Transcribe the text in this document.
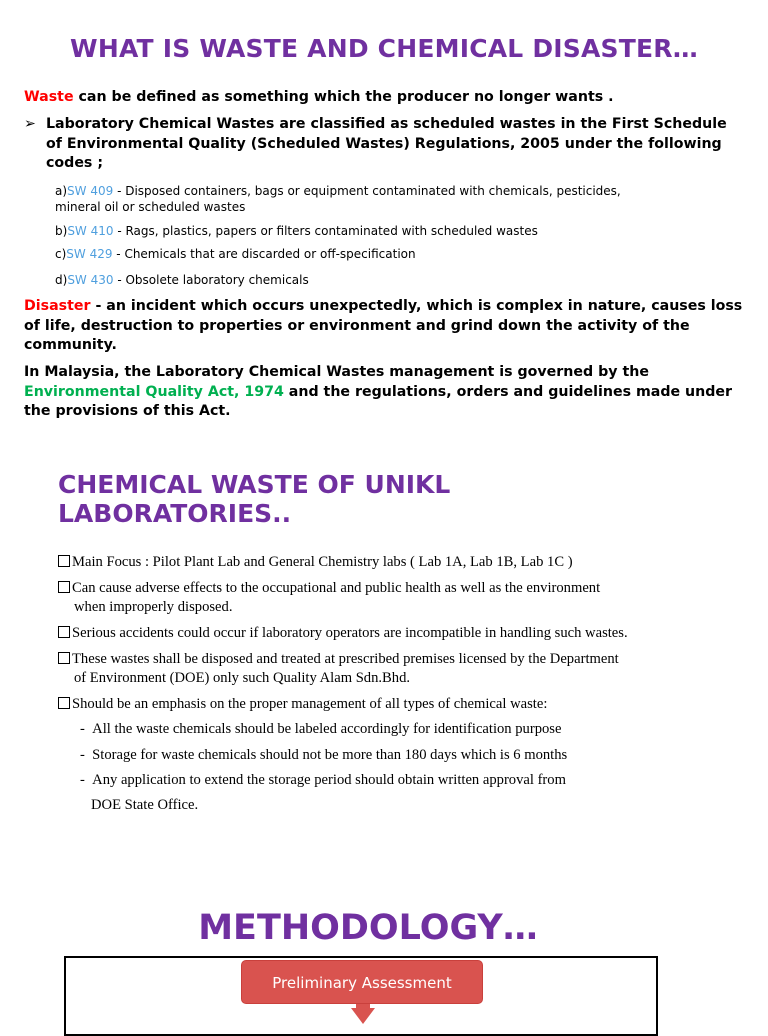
WHAT IS WASTE AND CHEMICAL DISASTER…
Waste can be defined as something which the producer no longer wants .
➢ Laboratory Chemical Wastes are classified as scheduled wastes in the First Schedule
of Environmental Quality (Scheduled Wastes) Regulations, 2005 under the following
codes ;
a)SW 409 - Disposed containers, bags or equipment contaminated with chemicals, pesticides,
mineral oil or scheduled wastes
b)SW 410 - Rags, plastics, papers or filters contaminated with scheduled wastes
c)SW 429 - Chemicals that are discarded or off-specification
d)SW 430 - Obsolete laboratory chemicals
Disaster - an incident which occurs unexpectedly, which is complex in nature, causes loss
of life, destruction to properties or environment and grind down the activity of the
community.
In Malaysia, the Laboratory Chemical Wastes management is governed by the
Environmental Quality Act, 1974 and the regulations, orders and guidelines made under
the provisions of this Act.
CHEMICAL WASTE OF UNIKL
LABORATORIES..
Main Focus : Pilot Plant Lab and General Chemistry labs ( Lab 1A, Lab 1B, Lab 1C )
Can cause adverse effects to the occupational and public health as well as the environment
when improperly disposed.
Serious accidents could occur if laboratory operators are incompatible in handling such wastes.
These wastes shall be disposed and treated at prescribed premises licensed by the Department
of Environment (DOE) only such Quality Alam Sdn.Bhd.
Should be an emphasis on the proper management of all types of chemical waste:
- All the waste chemicals should be labeled accordingly for identification purpose
- Storage for waste chemicals should not be more than 180 days which is 6 months
- Any application to extend the storage period should obtain written approval from
DOE State Office.
METHODOLOGY…
Preliminary Assessment
